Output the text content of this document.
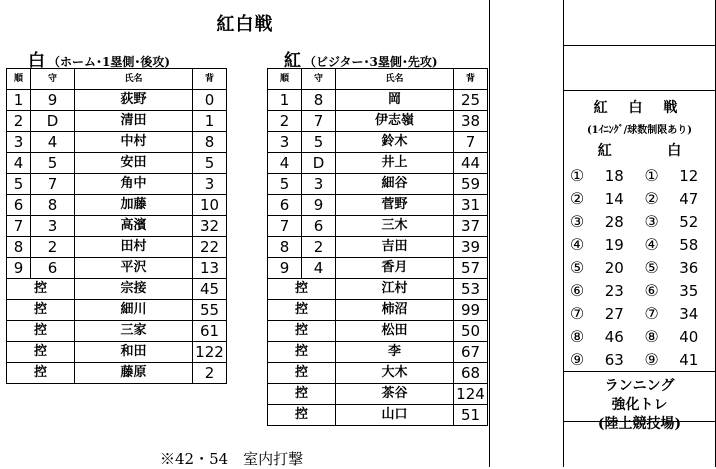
紅白戦
白 （ホーム･1塁側･後攻)	紅 （ビジター･3塁側･先攻)
順	守	氏名	背
1	9	荻野	0
2	D	清田	1
3	4	中村	8
4	5	安田	5
5	7	角中	3
6	8	加藤	10
7	3	高濱	32
8	2	田村	22
9	6	平沢	13
控		宗接	45
控		細川	55
控		三家	61
控		和田	122
控		藤原	2
順	守	氏名	背
1	8	岡	25
2	7	伊志嶺	38
3	5	鈴木	7
4	D	井上	44
5	3	細谷	59
6	9	菅野	31
7	6	三木	37
8	2	吉田	39
9	4	香月	57
控		江村	53
控		柿沼	99
控		松田	50
控		李	67
控		大木	68
控		茶谷	124
控		山口	51
※42・54　室内打撃
紅 白 戦
(1ｲﾆﾝｸﾞ/球数制限あり)
紅	白
①	18	①	12
②	14	②	47
③	28	③	52
④	19	④	58
⑤	20	⑤	36
⑥	23	⑥	35
⑦	27	⑦	34
⑧	46	⑧	40
⑨	63	⑨	41
ランニング
強化トレ
(陸上競技場)
